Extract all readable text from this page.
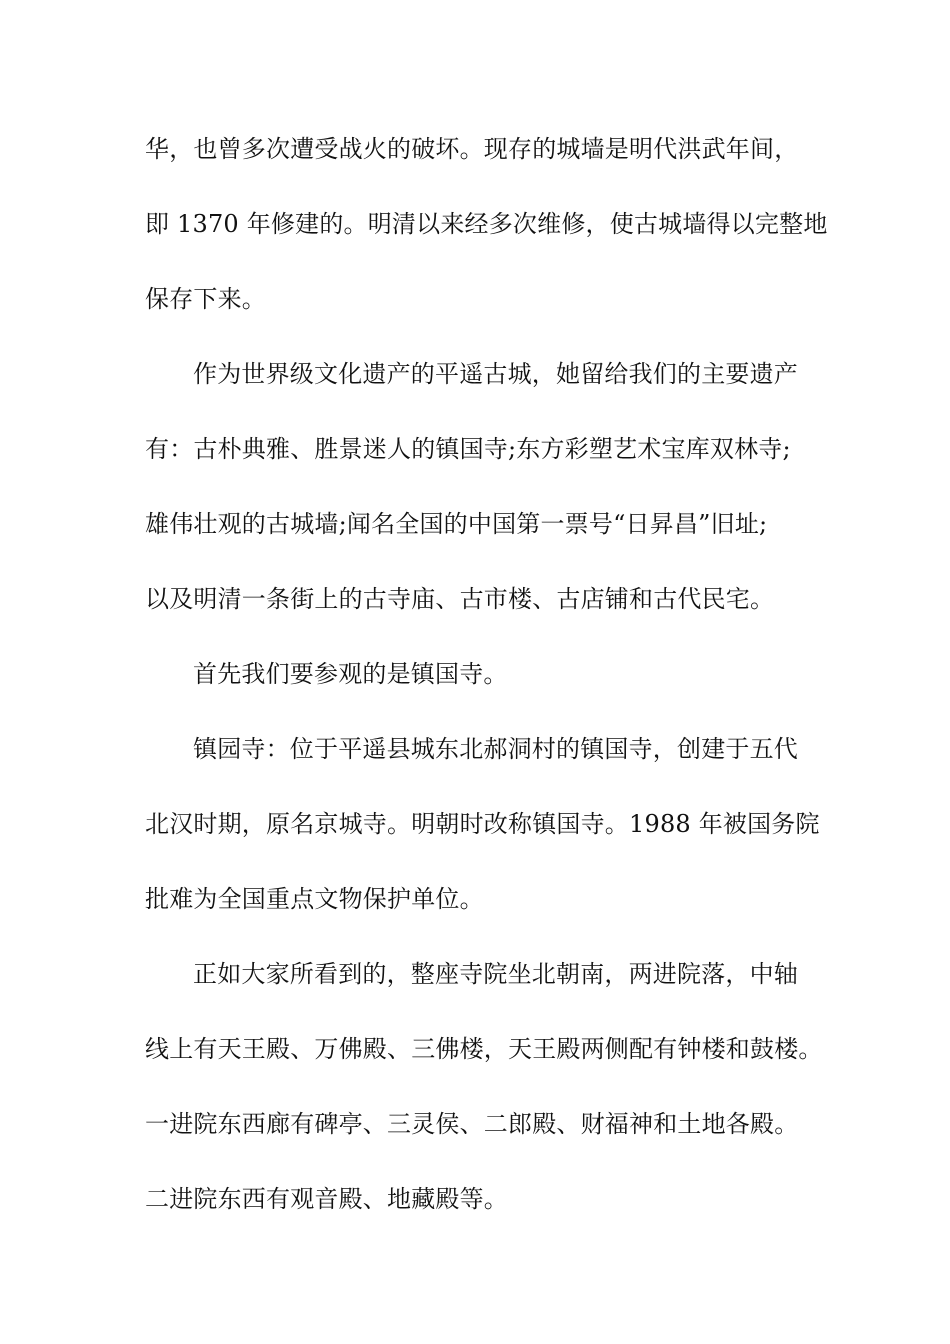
华，也曾多次遭受战火的破坏。现存的城墙是明代洪武年间，
即 1370 年修建的。明清以来经多次维修，使古城墙得以完整地
保存下来。
作为世界级文化遗产的平遥古城，她留给我们的主要遗产
有：古朴典雅、胜景迷人的镇国寺;东方彩塑艺术宝库双林寺;
雄伟壮观的古城墙;闻名全国的中国第一票号“日昇昌”旧址;
以及明清一条街上的古寺庙、古市楼、古店铺和古代民宅。
首先我们要参观的是镇国寺。
镇园寺：位于平遥县城东北郝洞村的镇国寺，创建于五代
北汉时期，原名京城寺。明朝时改称镇国寺。1988 年被国务院
批难为全国重点文物保护单位。
正如大家所看到的，整座寺院坐北朝南，两进院落，中轴
线上有天王殿、万佛殿、三佛楼，天王殿两侧配有钟楼和鼓楼。
一进院东西廊有碑亭、三灵侯、二郎殿、财福神和土地各殿。
二进院东西有观音殿、地藏殿等。
